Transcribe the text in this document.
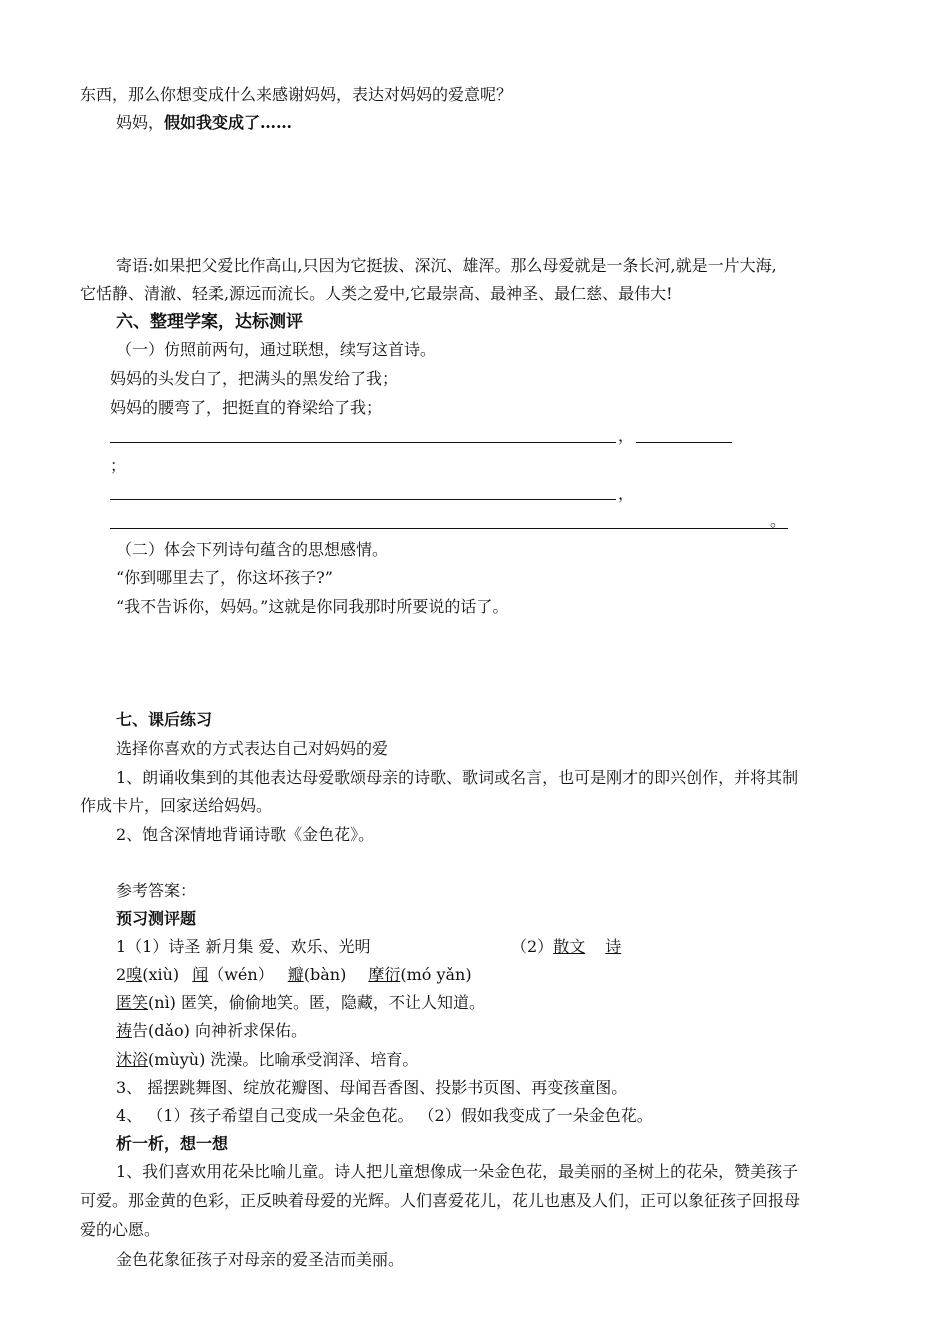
东西，那么你想变成什么来感谢妈妈，表达对妈妈的爱意呢？
妈妈，假如我变成了……
寄语:如果把父爱比作高山,只因为它挺拔、深沉、雄浑。那么母爱就是一条长河,就是一片大海,
它恬静、清澈、轻柔,源远而流长。人类之爱中,它最崇高、最神圣、最仁慈、最伟大!
六、整理学案，达标测评
（一）仿照前两句，通过联想，续写这首诗。
妈妈的头发白了，把满头的黑发给了我；
妈妈的腰弯了，把挺直的脊梁给了我；
，
；
，
。
（二）体会下列诗句蕴含的思想感情。
“你到哪里去了，你这坏孩子?”
“我不告诉你，妈妈。”这就是你同我那时所要说的话了。
七、课后练习
选择你喜欢的方式表达自己对妈妈的爱
1、朗诵收集到的其他表达母爱歌颂母亲的诗歌、歌词或名言，也可是刚才的即兴创作，并将其制
作成卡片，回家送给妈妈。
2、饱含深情地背诵诗歌《金色花》。
参考答案：
预习测评题
1（1）诗圣 新月集 爱、欢乐、光明	（2）散文 诗
2嗅(xiù) 闻（wén） 瓣(bàn) 摩衍(mó yǎn)
匿笑(nì) 匿笑，偷偷地笑。匿，隐藏，不让人知道。
祷告(dǎo) 向神祈求保佑。
沐浴(mùyù) 洗澡。比喻承受润泽、培育。
3、 摇摆跳舞图、绽放花瓣图、母闻吾香图、投影书页图、再变孩童图。
4、 （1）孩子希望自己变成一朵金色花。 （2）假如我变成了一朵金色花。
析一析，想一想
1、我们喜欢用花朵比喻儿童。诗人把儿童想像成一朵金色花，最美丽的圣树上的花朵，赞美孩子
可爱。那金黄的色彩，正反映着母爱的光辉。人们喜爱花儿，花儿也惠及人们，正可以象征孩子回报母
爱的心愿。
金色花象征孩子对母亲的爱圣洁而美丽。
